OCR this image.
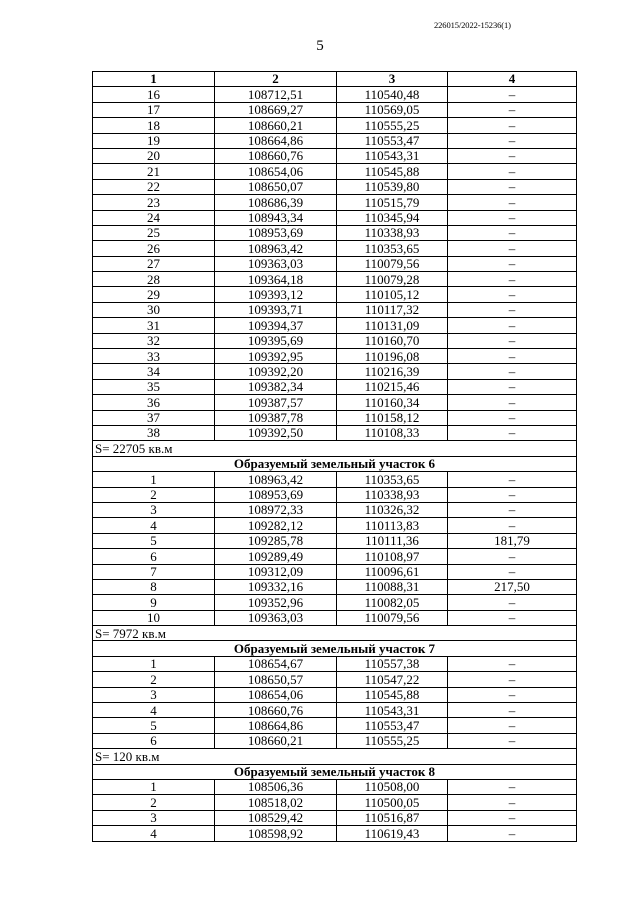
226015/2022-15236(1)
5
1	2	3	4
16	108712,51	110540,48	–
17	108669,27	110569,05	–
18	108660,21	110555,25	–
19	108664,86	110553,47	–
20	108660,76	110543,31	–
21	108654,06	110545,88	–
22	108650,07	110539,80	–
23	108686,39	110515,79	–
24	108943,34	110345,94	–
25	108953,69	110338,93	–
26	108963,42	110353,65	–
27	109363,03	110079,56	–
28	109364,18	110079,28	–
29	109393,12	110105,12	–
30	109393,71	110117,32	–
31	109394,37	110131,09	–
32	109395,69	110160,70	–
33	109392,95	110196,08	–
34	109392,20	110216,39	–
35	109382,34	110215,46	–
36	109387,57	110160,34	–
37	109387,78	110158,12	–
38	109392,50	110108,33	–
S= 22705 кв.м			
Образуемый земельный участок 6			
1	108963,42	110353,65	–
2	108953,69	110338,93	–
3	108972,33	110326,32	–
4	109282,12	110113,83	–
5	109285,78	110111,36	181,79
6	109289,49	110108,97	–
7	109312,09	110096,61	–
8	109332,16	110088,31	217,50
9	109352,96	110082,05	–
10	109363,03	110079,56	–
S= 7972 кв.м			
Образуемый земельный участок 7			
1	108654,67	110557,38	–
2	108650,57	110547,22	–
3	108654,06	110545,88	–
4	108660,76	110543,31	–
5	108664,86	110553,47	–
6	108660,21	110555,25	–
S= 120 кв.м			
Образуемый земельный участок 8			
1	108506,36	110508,00	–
2	108518,02	110500,05	–
3	108529,42	110516,87	–
4	108598,92	110619,43	–
